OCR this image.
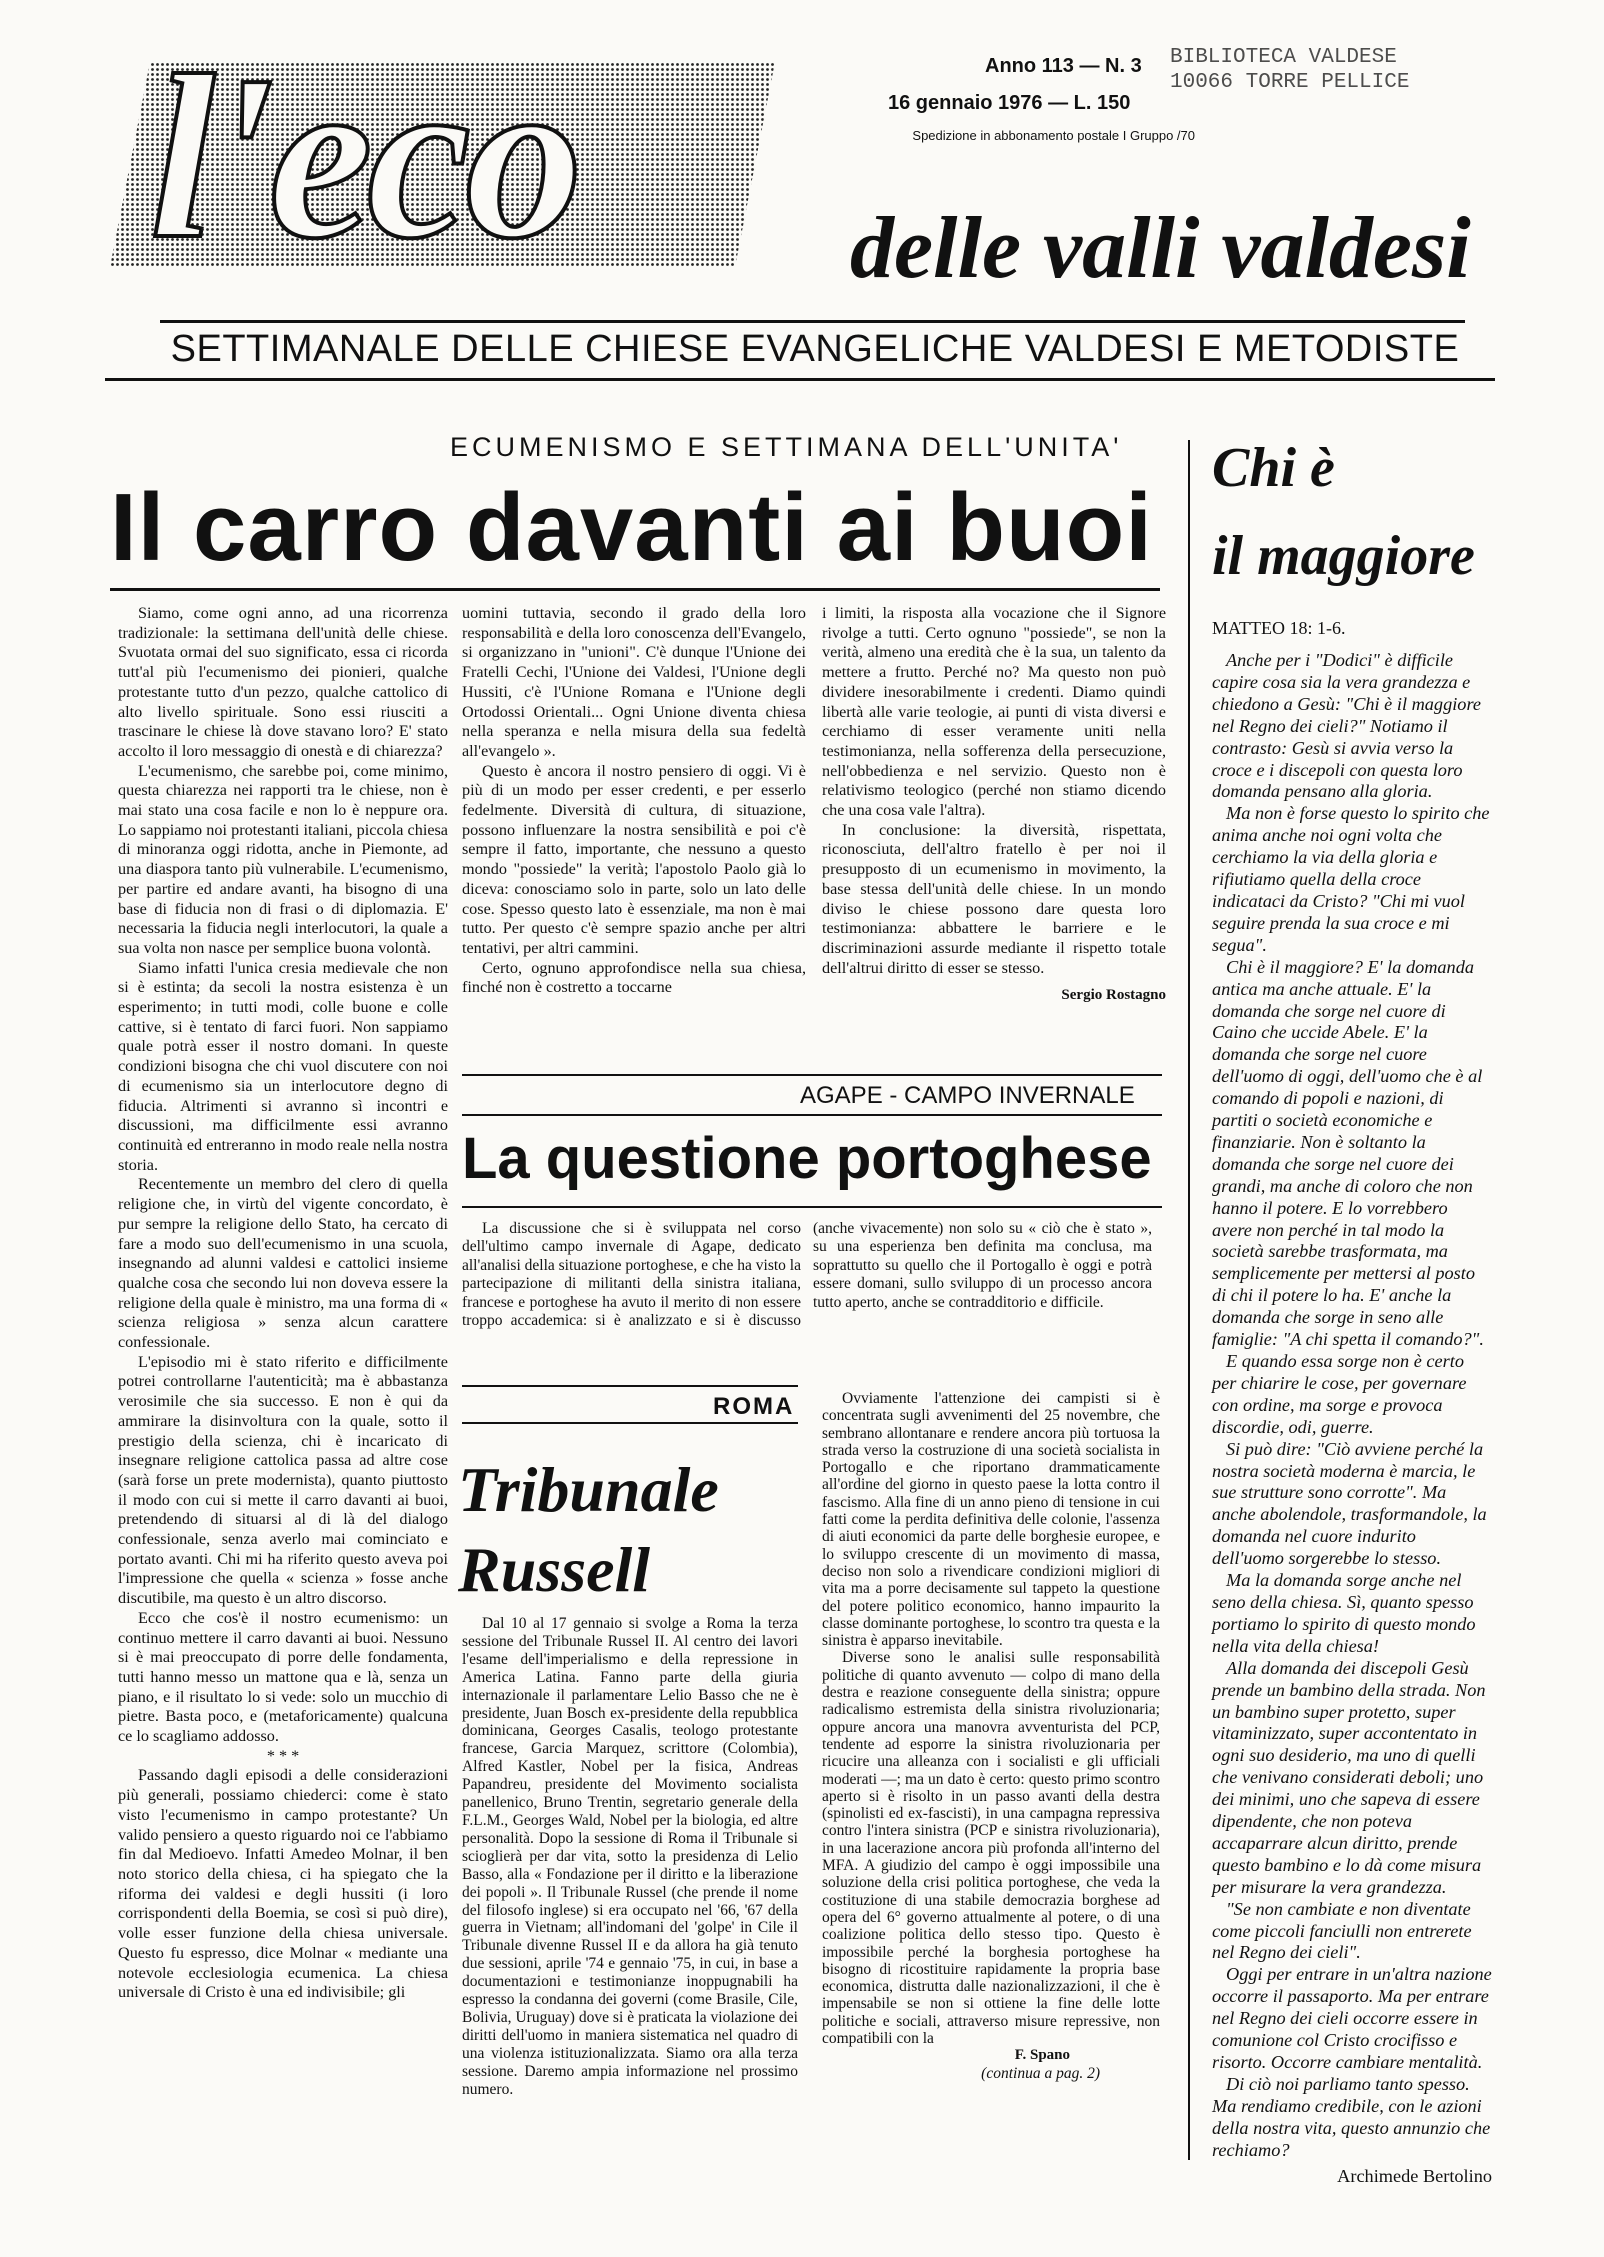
l'eco	delle valli valdesi
Anno 113 — N. 3
16 gennaio 1976 — L. 150
Spedizione in abbonamento postale I Gruppo /70
BIBLIOTECA VALDESE
10066 TORRE PELLICE
SETTIMANALE DELLE CHIESE EVANGELICHE VALDESI E METODISTE
ECUMENISMO E SETTIMANA DELL'UNITA'
Il carro davanti ai buoi

Siamo, come ogni anno, ad una ricorrenza tradizionale: la settimana dell'unità delle chiese. Svuotata ormai del suo significato, essa ci ricorda tutt'al più l'ecumenismo dei pionieri, qualche protestante tutto d'un pezzo, qualche cattolico di alto livello spirituale. Sono essi riusciti a trascinare le chiese là dove stavano loro? E' stato accolto il loro messaggio di onestà e di chiarezza?

L'ecumenismo, che sarebbe poi, come minimo, questa chiarezza nei rapporti tra le chiese, non è mai stato una cosa facile e non lo è neppure ora. Lo sappiamo noi protestanti italiani, piccola chiesa di minoranza oggi ridotta, anche in Piemonte, ad una diaspora tanto più vulnerabile. L'ecumenismo, per partire ed andare avanti, ha bisogno di una base di fiducia non di frasi o di diplomazia. E' necessaria la fiducia negli interlocutori, la quale a sua volta non nasce per semplice buona volontà.

Siamo infatti l'unica cresia medievale che non si è estinta; da secoli la nostra esistenza è un esperimento; in tutti modi, colle buone e colle cattive, si è tentato di farci fuori. Non sappiamo quale potrà esser il nostro domani. In queste condizioni bisogna che chi vuol discutere con noi di ecumenismo sia un interlocutore degno di fiducia. Altrimenti si avranno sì incontri e discussioni, ma difficilmente essi avranno continuità ed entreranno in modo reale nella nostra storia.

Recentemente un membro del clero di quella religione che, in virtù del vigente concordato, è pur sempre la religione dello Stato, ha cercato di fare a modo suo dell'ecumenismo in una scuola, insegnando ad alunni valdesi e cattolici insieme qualche cosa che secondo lui non doveva essere la religione della quale è ministro, ma una forma di « scienza religiosa » senza alcun carattere confessionale.

L'episodio mi è stato riferito e difficilmente potrei controllarne l'autenticità; ma è abbastanza verosimile che sia successo. E non è qui da ammirare la disinvoltura con la quale, sotto il prestigio della scienza, chi è incaricato di insegnare religione cattolica passa ad altre cose (sarà forse un prete modernista), quanto piuttosto il modo con cui si mette il carro davanti ai buoi, pretendendo di situarsi al di là del dialogo confessionale, senza averlo mai cominciato e portato avanti. Chi mi ha riferito questo aveva poi l'impressione che quella « scienza » fosse anche discutibile, ma questo è un altro discorso.

Ecco che cos'è il nostro ecumenismo: un continuo mettere il carro davanti ai buoi. Nessuno si è mai preoccupato di porre delle fondamenta, tutti hanno messo un mattone qua e là, senza un piano, e il risultato lo si vede: solo un mucchio di pietre. Basta poco, e (metaforicamente) qualcuna ce lo scagliamo addosso.

* * *

Passando dagli episodi a delle considerazioni più generali, possiamo chiederci: come è stato visto l'ecumenismo in campo protestante? Un valido pensiero a questo riguardo noi ce l'abbiamo fin dal Medioevo. Infatti Amedeo Molnar, il ben noto storico della chiesa, ci ha spiegato che la riforma dei valdesi e degli hussiti (i loro corrispondenti della Boemia, se così si può dire), volle esser funzione della chiesa universale. Questo fu espresso, dice Molnar « mediante una notevole ecclesiologia ecumenica. La chiesa universale di Cristo è una ed indivisibile; gli

uomini tuttavia, secondo il grado della loro responsabilità e della loro conoscenza dell'Evangelo, si organizzano in "unioni". C'è dunque l'Unione dei Fratelli Cechi, l'Unione dei Valdesi, l'Unione degli Hussiti, c'è l'Unione Romana e l'Unione degli Ortodossi Orientali... Ogni Unione diventa chiesa nella speranza e nella misura della sua fedeltà all'evangelo ».

Questo è ancora il nostro pensiero di oggi. Vi è più di un modo per esser credenti, e per esserlo fedelmente. Diversità di cultura, di situazione, possono influenzare la nostra sensibilità e poi c'è sempre il fatto, importante, che nessuno a questo mondo "possiede" la verità; l'apostolo Paolo già lo diceva: conosciamo solo in parte, solo un lato delle cose. Spesso questo lato è essenziale, ma non è mai tutto. Per questo c'è sempre spazio anche per altri tentativi, per altri cammini.

Certo, ognuno approfondisce nella sua chiesa, finché non è costretto a toccarne

i limiti, la risposta alla vocazione che il Signore rivolge a tutti. Certo ognuno "possiede", se non la verità, almeno una eredità che è la sua, un talento da mettere a frutto. Perché no? Ma questo non può dividere inesorabilmente i credenti. Diamo quindi libertà alle varie teologie, ai punti di vista diversi e cerchiamo di esser veramente uniti nella testimonianza, nella sofferenza della persecuzione, nell'obbedienza e nel servizio. Questo non è relativismo teologico (perché non stiamo dicendo che una cosa vale l'altra).

In conclusione: la diversità, rispettata, riconosciuta, dell'altro fratello è per noi il presupposto di un ecumenismo in movimento, la base stessa dell'unità delle chiese. In un mondo diviso le chiese possono dare questa loro testimonianza: abbattere le barriere e le discriminazioni assurde mediante il rispetto totale dell'altrui diritto di esser se stesso.

Sergio Rostagno
Chi è
il maggiore
MATTEO 18: 1-6.

Anche per i "Dodici" è difficile capire cosa sia la vera grandezza e chiedono a Gesù: "Chi è il maggiore nel Regno dei cieli?" Notiamo il contrasto: Gesù si avvia verso la croce e i discepoli con questa loro domanda pensano alla gloria.

Ma non è forse questo lo spirito che anima anche noi ogni volta che cerchiamo la via della gloria e rifiutiamo quella della croce indicataci da Cristo? "Chi mi vuol seguire prenda la sua croce e mi segua".

Chi è il maggiore? E' la domanda antica ma anche attuale. E' la domanda che sorge nel cuore di Caino che uccide Abele. E' la domanda che sorge nel cuore dell'uomo di oggi, dell'uomo che è al comando di popoli e nazioni, di partiti o società economiche e finanziarie. Non è soltanto la domanda che sorge nel cuore dei grandi, ma anche di coloro che non hanno il potere. E lo vorrebbero avere non perché in tal modo la società sarebbe trasformata, ma semplicemente per mettersi al posto di chi il potere lo ha. E' anche la domanda che sorge in seno alle famiglie: "A chi spetta il comando?".

E quando essa sorge non è certo per chiarire le cose, per governare con ordine, ma sorge e provoca discordie, odi, guerre.

Si può dire: "Ciò avviene perché la nostra società moderna è marcia, le sue strutture sono corrotte". Ma anche abolendole, trasformandole, la domanda nel cuore indurito dell'uomo sorgerebbe lo stesso.

Ma la domanda sorge anche nel seno della chiesa. Sì, quanto spesso portiamo lo spirito di questo mondo nella vita della chiesa!

Alla domanda dei discepoli Gesù prende un bambino della strada. Non un bambino super protetto, super vitaminizzato, super accontentato in ogni suo desiderio, ma uno di quelli che venivano considerati deboli; uno dei minimi, uno che sapeva di essere dipendente, che non poteva accaparrare alcun diritto, prende questo bambino e lo dà come misura per misurare la vera grandezza.

"Se non cambiate e non diventate come piccoli fanciulli non entrerete nel Regno dei cieli".

Oggi per entrare in un'altra nazione occorre il passaporto. Ma per entrare nel Regno dei cieli occorre essere in comunione col Cristo crocifisso e risorto. Occorre cambiare mentalità.

Di ciò noi parliamo tanto spesso. Ma rendiamo credibile, con le azioni della nostra vita, questo annunzio che rechiamo?

Archimede Bertolino
AGAPE - CAMPO INVERNALE
La questione portoghese

La discussione che si è sviluppata nel corso dell'ultimo campo invernale di Agape, dedicato all'analisi della situazione portoghese, e che ha visto la partecipazione di militanti della sinistra italiana, francese e portoghese ha avuto il merito di non essere troppo accademica: si è analizzato e si è discusso (anche vivacemente) non solo su « ciò che è stato », su una esperienza ben definita ma conclusa, ma soprattutto su quello che il Portogallo è oggi e potrà essere domani, sullo sviluppo di un processo ancora tutto aperto, anche se contradditorio e difficile.

ROMA
Tribunale
Russell

Dal 10 al 17 gennaio si svolge a Roma la terza sessione del Tribunale Russel II. Al centro dei lavori l'esame dell'imperialismo e della repressione in America Latina. Fanno parte della giuria internazionale il parlamentare Lelio Basso che ne è presidente, Juan Bosch ex-presidente della repubblica dominicana, Georges Casalis, teologo protestante francese, Garcia Marquez, scrittore (Colombia), Alfred Kastler, Nobel per la fisica, Andreas Papandreu, presidente del Movimento socialista panellenico, Bruno Trentin, segretario generale della F.L.M., Georges Wald, Nobel per la biologia, ed altre personalità. Dopo la sessione di Roma il Tribunale si scioglierà per dar vita, sotto la presidenza di Lelio Basso, alla « Fondazione per il diritto e la liberazione dei popoli ». Il Tribunale Russel (che prende il nome del filosofo inglese) si era occupato nel '66, '67 della guerra in Vietnam; all'indomani del 'golpe' in Cile il Tribunale divenne Russel II e da allora ha già tenuto due sessioni, aprile '74 e gennaio '75, in cui, in base a documentazioni e testimonianze inoppugnabili ha espresso la condanna dei governi (come Brasile, Cile, Bolivia, Uruguay) dove si è praticata la violazione dei diritti dell'uomo in maniera sistematica nel quadro di una violenza istituzionalizzata. Siamo ora alla terza sessione. Daremo ampia informazione nel prossimo numero.

Ovviamente l'attenzione dei campisti si è concentrata sugli avvenimenti del 25 novembre, che sembrano allontanare e rendere ancora più tortuosa la strada verso la costruzione di una società socialista in Portogallo e che riportano drammaticamente all'ordine del giorno in questo paese la lotta contro il fascismo. Alla fine di un anno pieno di tensione in cui fatti come la perdita definitiva delle colonie, l'assenza di aiuti economici da parte delle borghesie europee, e lo sviluppo crescente di un movimento di massa, deciso non solo a rivendicare condizioni migliori di vita ma a porre decisamente sul tappeto la questione del potere politico economico, hanno impaurito la classe dominante portoghese, lo scontro tra questa e la sinistra è apparso inevitabile.

Diverse sono le analisi sulle responsabilità politiche di quanto avvenuto — colpo di mano della destra e reazione conseguente della sinistra; oppure radicalismo estremista della sinistra rivoluzionaria; oppure ancora una manovra avventurista del PCP, tendente ad esporre la sinistra rivoluzionaria per ricucire una alleanza con i socialisti e gli ufficiali moderati —; ma un dato è certo: questo primo scontro aperto si è risolto in un passo avanti della destra (spinolisti ed ex-fascisti), in una campagna repressiva contro l'intera sinistra (PCP e sinistra rivoluzionaria), in una lacerazione ancora più profonda all'interno del MFA. A giudizio del campo è oggi impossibile una soluzione della crisi politica portoghese, che veda la costituzione di una stabile democrazia borghese ad opera del 6° governo attualmente al potere, o di una coalizione politica dello stesso tipo. Questo è impossibile perché la borghesia portoghese ha bisogno di ricostituire rapidamente la propria base economica, distrutta dalle nazionalizzazioni, il che è impensabile se non si ottiene la fine delle lotte politiche e sociali, attraverso misure repressive, non compatibili con la

F. Spano
(continua a pag. 2)
